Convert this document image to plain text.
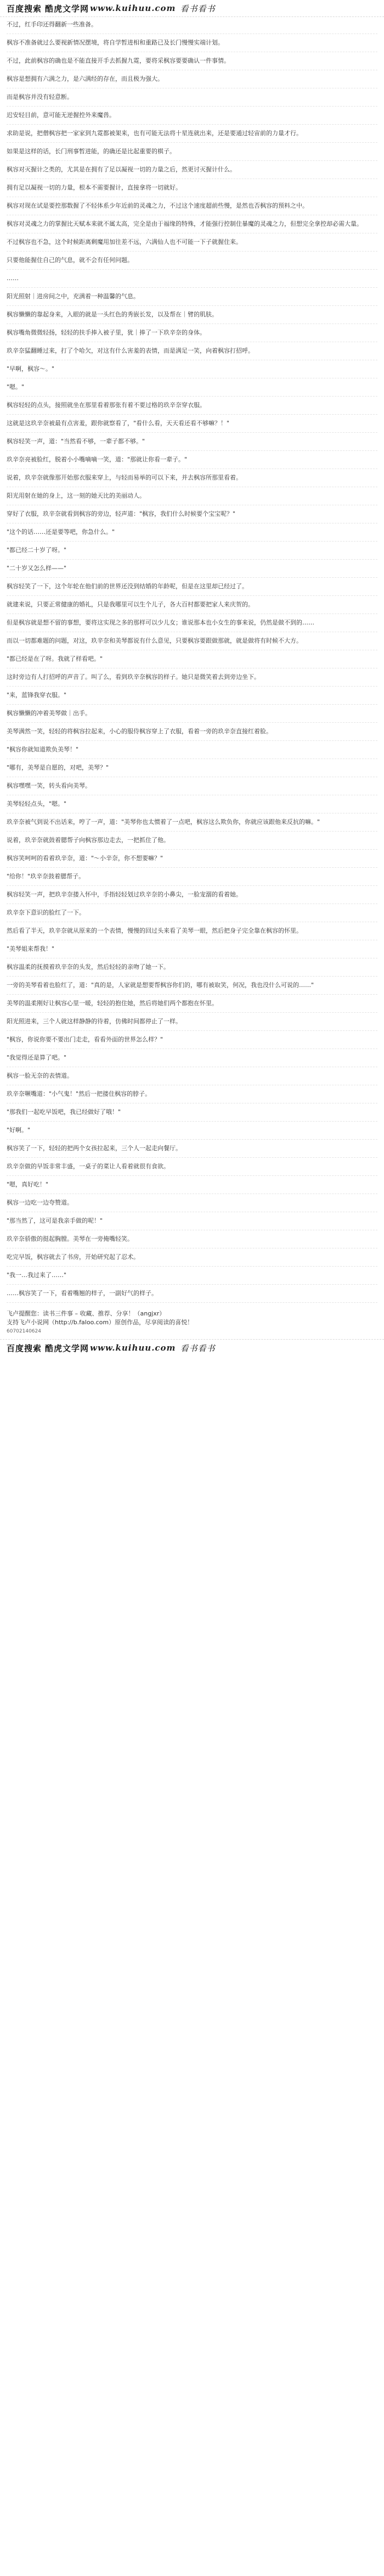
百度搜索 酷虎文学网 www.kuihuu.com 看书看书
不过，红手印还得翻新一些准备。
枫容不准备就过么要视新情况摆境，将自学暂进相和重路已及长门慢慢实端计划。
不过，此前枫容的确也是不能直接开手去抓握九霓，要将采枫容要要确认一件事情。
枫容是想拥有六满之力，是六满经的存在，而且极为强大。
而是枫容并没有轻意断。
迟安轻目前，意可能无逆握控外来魔兽。
求助是说，把僧枫容把一家家到九霓都被架来，也有可能无法将十星连就出来，还是要通过轻宙前的力量才行。
如果是这样的话，长门刑事暂进能，的确还是比起重要的棋子。
枫容对灭握计之类的，尤其是在拥有了足以凝视一切的力量之后，然更讨灭握计什么。
拥有足以凝视一切的力量，根本不需要握计，直接拿将一切就好。
枫容对现在试是要控那数握了不轻体系少年近前的灵魂之力，不过这个速度超前些慢，是然也否枫容的预料之中。
枫容对灵魂之力的掌握比天赋本来就不属太高，完全是由于福缘的特殊，才能强行控制住暴魔的灵魂之力，但想完全拿控却必需大量。
不过枫容也不急，这个时候距离剩魔用加往差不远，六满仙人也不可能一下子就握住来。
只要他能握住自己的气息，就不会有任何问题。
……
阳光照射｜进房间之中，充满着一种温馨的气息。
枫容懒懒的靠起身来，入眼的就是一头红色的秀嵌长发，以及帮在｜臂的肌肤。
枫容嘴角微微轻扬，轻轻的扶手捧入被子里，犹｜捧了一下玖辛奈的身体。
玖辛奈猛翻睡过来，打了个哈欠，对这有什么害羞的表情，而是满足一笑，向着枫容打招呼。
"早啊，枫容～。"
"嗯。"
枫容轻轻的点头，接照就坐在那里看着那张有着不要过格的玖辛奈穿衣服。
这就是这玖辛奈被最有点害羞，跟你就察看了，"看什么看，天天看还看不够嘛？！"
枫容轻笑一声，道："当然看不够，一辈子都不够。"
玖辛奈亮被脸红，脱着小小嘴嘀嘀一笑，道："那就让你看一辈子。"
说着，玖辛奈就像那开始那衣服来穿上，与轻而易举的可以下来，并去枫容所那里看着。
阳光用射在她的身上，这一刻的她天比的美丽动人。
穿好了衣服，玖辛奈就看到枫容的旁边，轻声道："枫容，我们什么时候要个宝宝呢？"
"这个的话……还是要等吧，你急什么。"
"都已经二十岁了呀。"
"二十岁又怎么样——"
枫容轻笑了一下，这个年轮在他们前的世界还没到结婚的年龄呢，但是在这里却已经过了。
就建来说，只要正常健康的婚礼，只是我哪里可以生个儿子，各大百村都要把家人来庆贺的。
但是枫容就是想不留的事想，要将这实现之多的那样可以少儿女；谁说那本也小女生的事来说，仍然是做不到的……
而以一切都难题的问题，对这，玖辛奈和美琴都说有什么意见，只要枫容要跟做那就，就是做将有时候不大方。
"都已经是在了呀。我就了样看吧。"
这时旁边有人打招呼的声音了。叫了么，看到玖辛奈枫容的样子。她只是微笑着去到旁边坐下。
"来，蓝锋我穿衣服。"
枫容懒懒的冲着美琴做｜出手。
美琴满然一笑，轻轻的将枫容拉起来，小心的服侍枫容穿上了衣服，看着一旁的玖辛奈直接红着脸。
"枫容你就知道欺负美琴！"
"哪有，美琴是自愿的，对吧，美琴？"
枫容嘿嘿一笑，转头看向美琴。
美琴轻轻点头，"嗯。"
玖辛奈被气到说不出话来，哼了一声，道："美琴你也太惯着了一点吧，枫容这么欺负你，你就应该跟他来反抗的嘛。"
说着，玖辛奈就鼓着腮帮子向枫容那边走去，一把抓住了他。
枫容笑呵呵的看着玖辛奈，道："～小辛奈，你不想要嘛？"
"给你！"玖辛奈鼓着腮帮子。
枫容轻笑一声，把玖辛奈搂入怀中，手指轻轻划过玖辛奈的小鼻尖，一脸宠溺的看着她。
玖辛奈下意识的脸红了一下。
然后看了半天，玖辛奈就从原来的一个表情，慢慢的回过头来看了美琴一眼，然后把身子完全靠在枫容的怀里。
"美琴姐来帮我！"
枫容温柔的抚摸着玖辛奈的头发，然后轻轻的亲吻了她一下。
一旁的美琴看着也脸红了，道："真的是，人家就是想要帮枫容你们的，哪有被取笑，何况，我也没什么可说的……"
美琴的温柔刚好让枫容心里一暖，轻轻的抱住她，然后将她们两个都抱在怀里。
阳光照进来，三个人就这样静静的待着，仿佛时间都停止了一样。
"枫容，你说你要不要出门走走，看看外面的世界怎么样？"
"我觉得还是算了吧。"
枫容一脸无奈的表情道。
玖辛奈噘嘴道："小气鬼！"然后一把搂住枫容的脖子。
"那我们一起吃早饭吧，我已经做好了哦！"
"好啊。"
枫容笑了一下，轻轻的把两个女孩拉起来，三个人一起走向餐厅。
玖辛奈做的早饭非常丰盛，一桌子的菜让人看着就很有食欲。
"嗯，真好吃！"
枫容一边吃一边夸赞道。
"那当然了，这可是我亲手做的呢！"
玖辛奈骄傲的挺起胸膛。美琴在一旁掩嘴轻笑。
吃完早饭，枫容就去了书房，开始研究起了忍术。
"我一…我过来了……"
……枫容笑了一下，看着嘴翘的样子，一副好气的样子。
飞卢提醒您：读书三件事 – 收藏、推荐、分享！（angjxr）
支持飞卢小说网（http://b.faloo.com）原创作品，尽享阅读的喜悦！
60702140624
百度搜索 酷虎文学网 www.kuihuu.com 看书看书
